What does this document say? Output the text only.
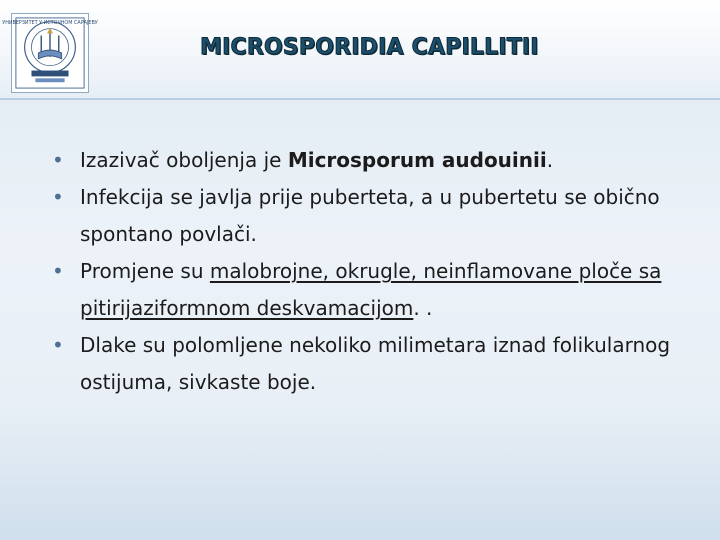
УНИВЕРЗИТЕТ У ИСТОЧНОМ САРАЈЕВУ
MICROSPORIDIA CAPILLITII
• Izazivač oboljenja je Microsporum audouinii.
• Infekcija se javlja prije puberteta, a u pubertetu se obično spontano povlači.
• Promjene su malobrojne, okrugle, neinflamovane ploče sa pitirijaziformnom deskvamacijom. .
• Dlake su polomljene nekoliko milimetara iznad folikularnog ostijuma, sivkaste boje.
